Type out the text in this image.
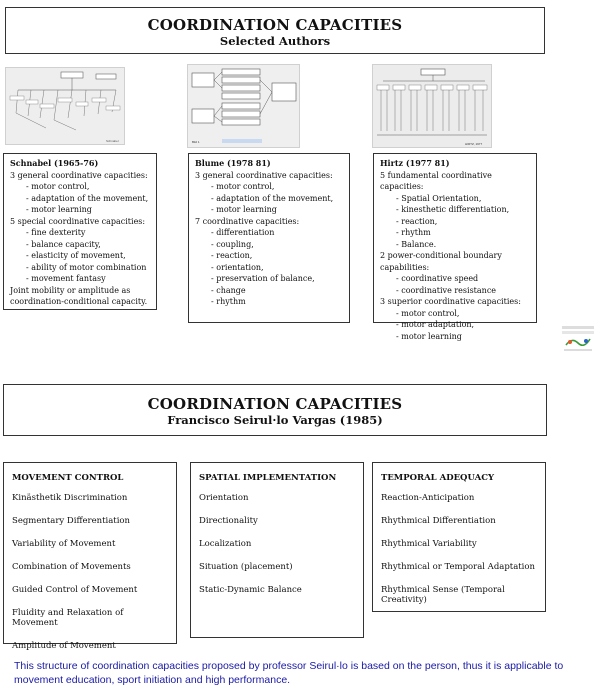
COORDINATION CAPACITIES
Selected Authors
Schnabel	Bild 1	HIRTZ, 1977
Schnabel (1965-76)
3 general coordinative capacities:
- motor control,
- adaptation of the movement,
- motor learning
5 special coordinative capacities:
- fine dexterity
- balance capacity,
- elasticity of movement,
- ability of motor combination
- movement fantasy
Joint mobility or amplitude as coordination-conditional capacity.
Blume (1978 81)
3 general coordinative capacities:
- motor control,
- adaptation of the movement,
- motor learning
7 coordinative capacities:
- differentiation
- coupling,
- reaction,
- orientation,
- preservation of balance,
- change
- rhythm
Hirtz (1977 81)
5 fundamental coordinative capacities:
- Spatial Orientation,
- kinesthetic differentiation,
- reaction,
- rhythm
- Balance.
2 power-conditional boundary capabilities:
- coordinative speed
- coordinative resistance
3 superior coordinative capacities:
- motor control,
- motor adaptation,
- motor learning
COORDINATION CAPACITIES
Francisco Seirul·lo Vargas (1985)
MOVEMENT CONTROL
Kinästhetik Discrimination
Segmentary Differentiation
Variability of Movement
Combination of Movements
Guided Control of Movement
Fluidity and Relaxation of Movement
Amplitude of Movement
SPATIAL IMPLEMENTATION
Orientation
Directionality
Localization
Situation (placement)
Static-Dynamic Balance
TEMPORAL ADEQUACY
Reaction-Anticipation
Rhythmical Differentiation
Rhythmical Variability
Rhythmical or Temporal Adaptation
Rhythmical Sense (Temporal Creativity)
This structure of coordination capacities proposed by professor Seirul·lo is based on the person, thus it is applicable to movement education, sport initiation and high performance.
